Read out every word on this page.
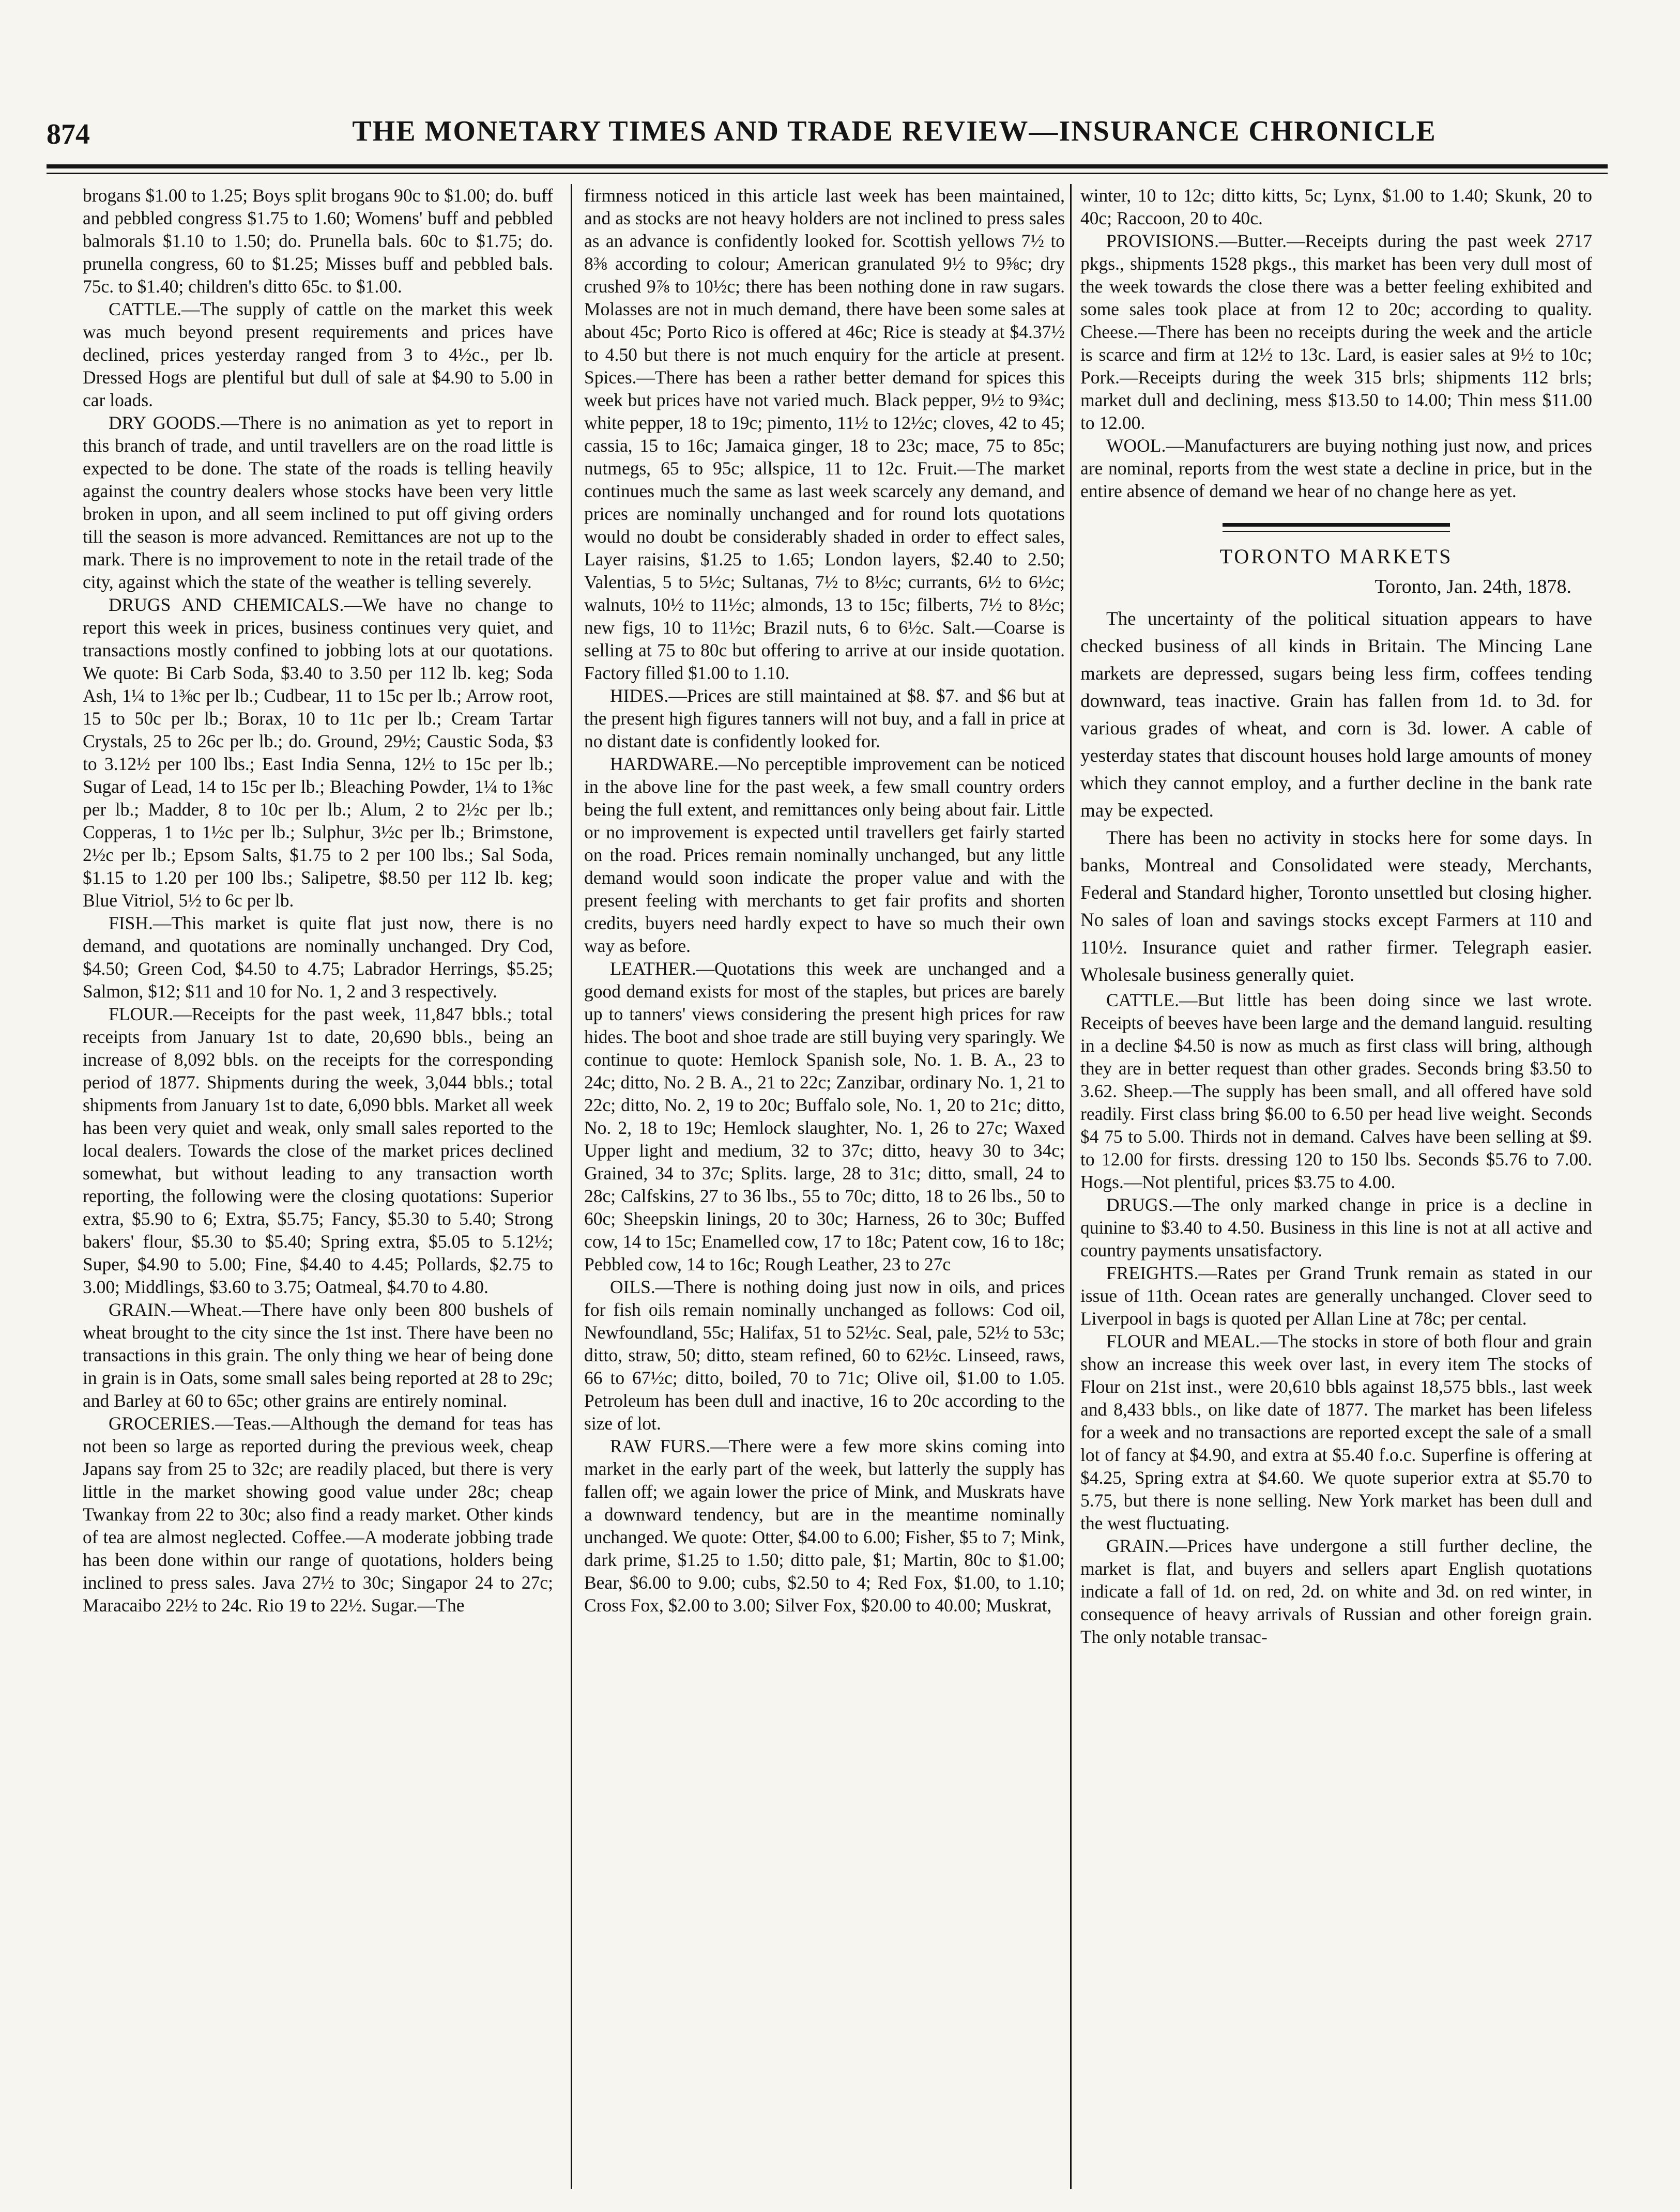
874	THE MONETARY TIMES AND TRADE REVIEW—INSURANCE CHRONICLE

brogans $1.00 to 1.25; Boys split brogans 90c to $1.00; do. buff and pebbled congress $1.75 to 1.60; Womens' buff and pebbled balmorals $1.10 to 1.50; do. Prunella bals. 60c to $1.75; do. prunella congress, 60 to $1.25; Misses buff and pebbled bals. 75c. to $1.40; children's ditto 65c. to $1.00.

CATTLE.—The supply of cattle on the market this week was much beyond present requirements and prices have declined, prices yesterday ranged from 3 to 4½c., per lb. Dressed Hogs are plentiful but dull of sale at $4.90 to 5.00 in car loads.

DRY GOODS.—There is no animation as yet to report in this branch of trade, and until travellers are on the road little is expected to be done. The state of the roads is telling heavily against the country dealers whose stocks have been very little broken in upon, and all seem inclined to put off giving orders till the season is more advanced. Remittances are not up to the mark. There is no improvement to note in the retail trade of the city, against which the state of the weather is telling severely.

DRUGS AND CHEMICALS.—We have no change to report this week in prices, business continues very quiet, and transactions mostly confined to jobbing lots at our quotations. We quote: Bi Carb Soda, $3.40 to 3.50 per 112 lb. keg; Soda Ash, 1¼ to 1⅜c per lb.; Cudbear, 11 to 15c per lb.; Arrow root, 15 to 50c per lb.; Borax, 10 to 11c per lb.; Cream Tartar Crystals, 25 to 26c per lb.; do. Ground, 29½; Caustic Soda, $3 to 3.12½ per 100 lbs.; East India Senna, 12½ to 15c per lb.; Sugar of Lead, 14 to 15c per lb.; Bleaching Powder, 1¼ to 1⅜c per lb.; Madder, 8 to 10c per lb.; Alum, 2 to 2½c per lb.; Copperas, 1 to 1½c per lb.; Sulphur, 3½c per lb.; Brimstone, 2½c per lb.; Epsom Salts, $1.75 to 2 per 100 lbs.; Sal Soda, $1.15 to 1.20 per 100 lbs.; Salipetre, $8.50 per 112 lb. keg; Blue Vitriol, 5½ to 6c per lb.

FISH.—This market is quite flat just now, there is no demand, and quotations are nominally unchanged. Dry Cod, $4.50; Green Cod, $4.50 to 4.75; Labrador Herrings, $5.25; Salmon, $12; $11 and 10 for No. 1, 2 and 3 respectively.

FLOUR.—Receipts for the past week, 11,847 bbls.; total receipts from January 1st to date, 20,690 bbls., being an increase of 8,092 bbls. on the receipts for the corresponding period of 1877. Shipments during the week, 3,044 bbls.; total shipments from January 1st to date, 6,090 bbls. Market all week has been very quiet and weak, only small sales reported to the local dealers. Towards the close of the market prices declined somewhat, but without leading to any transaction worth reporting, the following were the closing quotations: Superior extra, $5.90 to 6; Extra, $5.75; Fancy, $5.30 to 5.40; Strong bakers' flour, $5.30 to $5.40; Spring extra, $5.05 to 5.12½; Super, $4.90 to 5.00; Fine, $4.40 to 4.45; Pollards, $2.75 to 3.00; Middlings, $3.60 to 3.75; Oatmeal, $4.70 to 4.80.

GRAIN.—Wheat.—There have only been 800 bushels of wheat brought to the city since the 1st inst. There have been no transactions in this grain. The only thing we hear of being done in grain is in Oats, some small sales being reported at 28 to 29c; and Barley at 60 to 65c; other grains are entirely nominal.

GROCERIES.—Teas.—Although the demand for teas has not been so large as reported during the previous week, cheap Japans say from 25 to 32c; are readily placed, but there is very little in the market showing good value under 28c; cheap Twankay from 22 to 30c; also find a ready market. Other kinds of tea are almost neglected. Coffee.—A moderate jobbing trade has been done within our range of quotations, holders being inclined to press sales. Java 27½ to 30c; Singapor 24 to 27c; Maracaibo 22½ to 24c. Rio 19 to 22½. Sugar.—The

firmness noticed in this article last week has been maintained, and as stocks are not heavy holders are not inclined to press sales as an advance is confidently looked for. Scottish yellows 7½ to 8⅜ according to colour; American granulated 9½ to 9⅝c; dry crushed 9⅞ to 10½c; there has been nothing done in raw sugars. Molasses are not in much demand, there have been some sales at about 45c; Porto Rico is offered at 46c; Rice is steady at $4.37½ to 4.50 but there is not much enquiry for the article at present. Spices.—There has been a rather better demand for spices this week but prices have not varied much. Black pepper, 9½ to 9¾c; white pepper, 18 to 19c; pimento, 11½ to 12½c; cloves, 42 to 45; cassia, 15 to 16c; Jamaica ginger, 18 to 23c; mace, 75 to 85c; nutmegs, 65 to 95c; allspice, 11 to 12c. Fruit.—The market continues much the same as last week scarcely any demand, and prices are nominally unchanged and for round lots quotations would no doubt be considerably shaded in order to effect sales, Layer raisins, $1.25 to 1.65; London layers, $2.40 to 2.50; Valentias, 5 to 5½c; Sultanas, 7½ to 8½c; currants, 6½ to 6½c; walnuts, 10½ to 11½c; almonds, 13 to 15c; filberts, 7½ to 8½c; new figs, 10 to 11½c; Brazil nuts, 6 to 6½c. Salt.—Coarse is selling at 75 to 80c but offering to arrive at our inside quotation. Factory filled $1.00 to 1.10.

HIDES.—Prices are still maintained at $8. $7. and $6 but at the present high figures tanners will not buy, and a fall in price at no distant date is confidently looked for.

HARDWARE.—No perceptible improvement can be noticed in the above line for the past week, a few small country orders being the full extent, and remittances only being about fair. Little or no improvement is expected until travellers get fairly started on the road. Prices remain nominally unchanged, but any little demand would soon indicate the proper value and with the present feeling with merchants to get fair profits and shorten credits, buyers need hardly expect to have so much their own way as before.

LEATHER.—Quotations this week are unchanged and a good demand exists for most of the staples, but prices are barely up to tanners' views considering the present high prices for raw hides. The boot and shoe trade are still buying very sparingly. We continue to quote: Hemlock Spanish sole, No. 1. B. A., 23 to 24c; ditto, No. 2 B. A., 21 to 22c; Zanzibar, ordinary No. 1, 21 to 22c; ditto, No. 2, 19 to 20c; Buffalo sole, No. 1, 20 to 21c; ditto, No. 2, 18 to 19c; Hemlock slaughter, No. 1, 26 to 27c; Waxed Upper light and medium, 32 to 37c; ditto, heavy 30 to 34c; Grained, 34 to 37c; Splits. large, 28 to 31c; ditto, small, 24 to 28c; Calfskins, 27 to 36 lbs., 55 to 70c; ditto, 18 to 26 lbs., 50 to 60c; Sheepskin linings, 20 to 30c; Harness, 26 to 30c; Buffed cow, 14 to 15c; Enamelled cow, 17 to 18c; Patent cow, 16 to 18c; Pebbled cow, 14 to 16c; Rough Leather, 23 to 27c

OILS.—There is nothing doing just now in oils, and prices for fish oils remain nominally unchanged as follows: Cod oil, Newfoundland, 55c; Halifax, 51 to 52½c. Seal, pale, 52½ to 53c; ditto, straw, 50; ditto, steam refined, 60 to 62½c. Linseed, raws, 66 to 67½c; ditto, boiled, 70 to 71c; Olive oil, $1.00 to 1.05. Petroleum has been dull and inactive, 16 to 20c according to the size of lot.

RAW FURS.—There were a few more skins coming into market in the early part of the week, but latterly the supply has fallen off; we again lower the price of Mink, and Muskrats have a downward tendency, but are in the meantime nominally unchanged. We quote: Otter, $4.00 to 6.00; Fisher, $5 to 7; Mink, dark prime, $1.25 to 1.50; ditto pale, $1; Martin, 80c to $1.00; Bear, $6.00 to 9.00; cubs, $2.50 to 4; Red Fox, $1.00, to 1.10; Cross Fox, $2.00 to 3.00; Silver Fox, $20.00 to 40.00; Muskrat,

winter, 10 to 12c; ditto kitts, 5c; Lynx, $1.00 to 1.40; Skunk, 20 to 40c; Raccoon, 20 to 40c.

PROVISIONS.—Butter.—Receipts during the past week 2717 pkgs., shipments 1528 pkgs., this market has been very dull most of the week towards the close there was a better feeling exhibited and some sales took place at from 12 to 20c; according to quality. Cheese.—There has been no receipts during the week and the article is scarce and firm at 12½ to 13c. Lard, is easier sales at 9½ to 10c; Pork.—Receipts during the week 315 brls; shipments 112 brls; market dull and declining, mess $13.50 to 14.00; Thin mess $11.00 to 12.00.

WOOL.—Manufacturers are buying nothing just now, and prices are nominal, reports from the west state a decline in price, but in the entire absence of demand we hear of no change here as yet.

TORONTO MARKETS
Toronto, Jan. 24th, 1878.

The uncertainty of the political situation appears to have checked business of all kinds in Britain. The Mincing Lane markets are depressed, sugars being less firm, coffees tending downward, teas inactive. Grain has fallen from 1d. to 3d. for various grades of wheat, and corn is 3d. lower. A cable of yesterday states that discount houses hold large amounts of money which they cannot employ, and a further decline in the bank rate may be expected.

There has been no activity in stocks here for some days. In banks, Montreal and Consolidated were steady, Merchants, Federal and Standard higher, Toronto unsettled but closing higher. No sales of loan and savings stocks except Farmers at 110 and 110½. Insurance quiet and rather firmer. Telegraph easier. Wholesale business generally quiet.

CATTLE.—But little has been doing since we last wrote. Receipts of beeves have been large and the demand languid. resulting in a decline $4.50 is now as much as first class will bring, although they are in better request than other grades. Seconds bring $3.50 to 3.62. Sheep.—The supply has been small, and all offered have sold readily. First class bring $6.00 to 6.50 per head live weight. Seconds $4 75 to 5.00. Thirds not in demand. Calves have been selling at $9. to 12.00 for firsts. dressing 120 to 150 lbs. Seconds $5.76 to 7.00. Hogs.—Not plentiful, prices $3.75 to 4.00.

DRUGS.—The only marked change in price is a decline in quinine to $3.40 to 4.50. Business in this line is not at all active and country payments unsatisfactory.

FREIGHTS.—Rates per Grand Trunk remain as stated in our issue of 11th. Ocean rates are generally unchanged. Clover seed to Liverpool in bags is quoted per Allan Line at 78c; per cental.

FLOUR and MEAL.—The stocks in store of both flour and grain show an increase this week over last, in every item The stocks of Flour on 21st inst., were 20,610 bbls against 18,575 bbls., last week and 8,433 bbls., on like date of 1877. The market has been lifeless for a week and no transactions are reported except the sale of a small lot of fancy at $4.90, and extra at $5.40 f.o.c. Superfine is offering at $4.25, Spring extra at $4.60. We quote superior extra at $5.70 to 5.75, but there is none selling. New York market has been dull and the west fluctuating.

GRAIN.—Prices have undergone a still further decline, the market is flat, and buyers and sellers apart English quotations indicate a fall of 1d. on red, 2d. on white and 3d. on red winter, in consequence of heavy arrivals of Russian and other foreign grain. The only notable transac-
